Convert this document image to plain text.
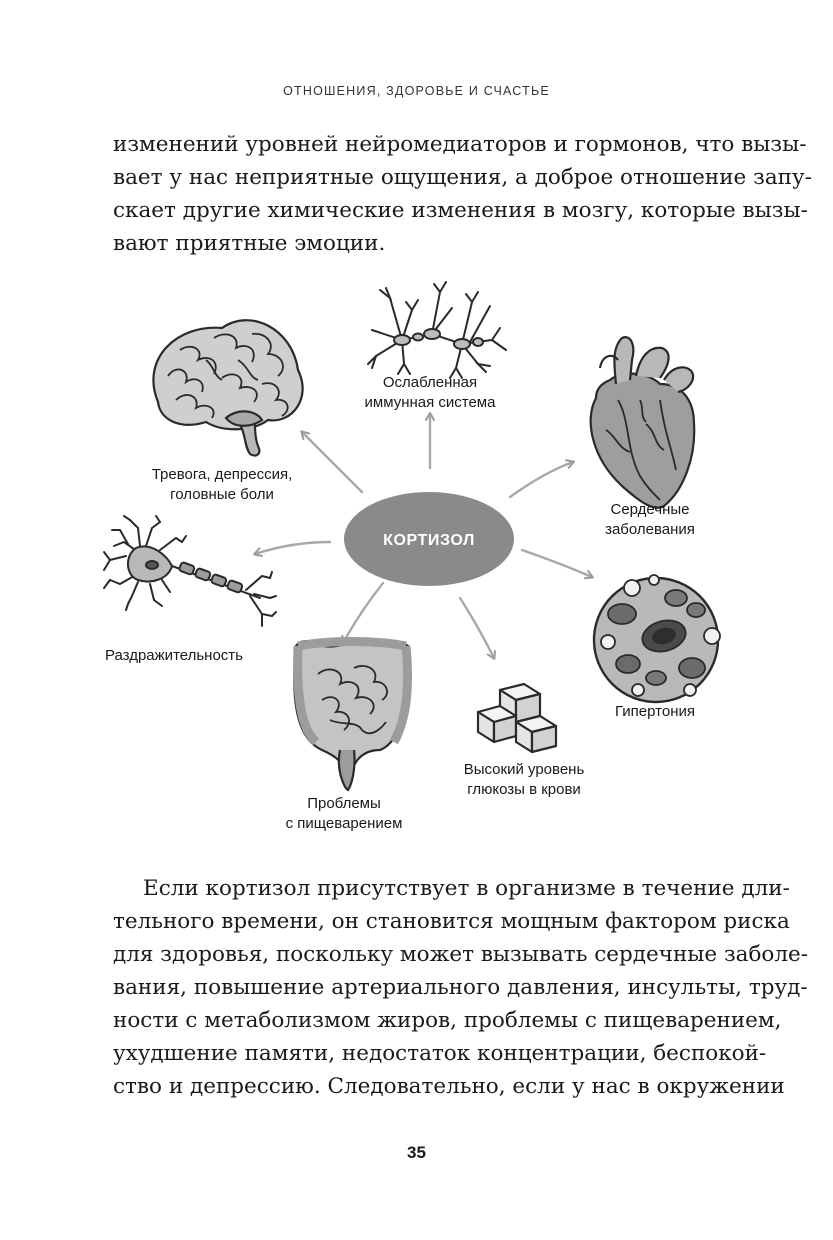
ОТНОШЕНИЯ, ЗДОРОВЬЕ И СЧАСТЬЕ
изменений уровней нейромедиаторов и гормонов, что вызы-
вает у нас неприятные ощущения, а доброе отношение запу-
скает другие химические изменения в мозгу, которые вызы-
вают приятные эмоции.
КОРТИЗОЛ
Ослабленная
иммунная система
Тревога, депрессия,
головные боли
Сердечные
заболевания
Раздражительность
Гипертония
Проблемы
с пищеварением
Высокий уровень
глюкозы в крови
Если кортизол присутствует в организме в течение дли-
тельного времени, он становится мощным фактором риска
для здоровья, поскольку может вызывать сердечные заболе-
вания, повышение артериального давления, инсульты, труд-
ности с метаболизмом жиров, проблемы с пищеварением,
ухудшение памяти, недостаток концентрации, беспокой-
ство и депрессию. Следовательно, если у нас в окружении
35
